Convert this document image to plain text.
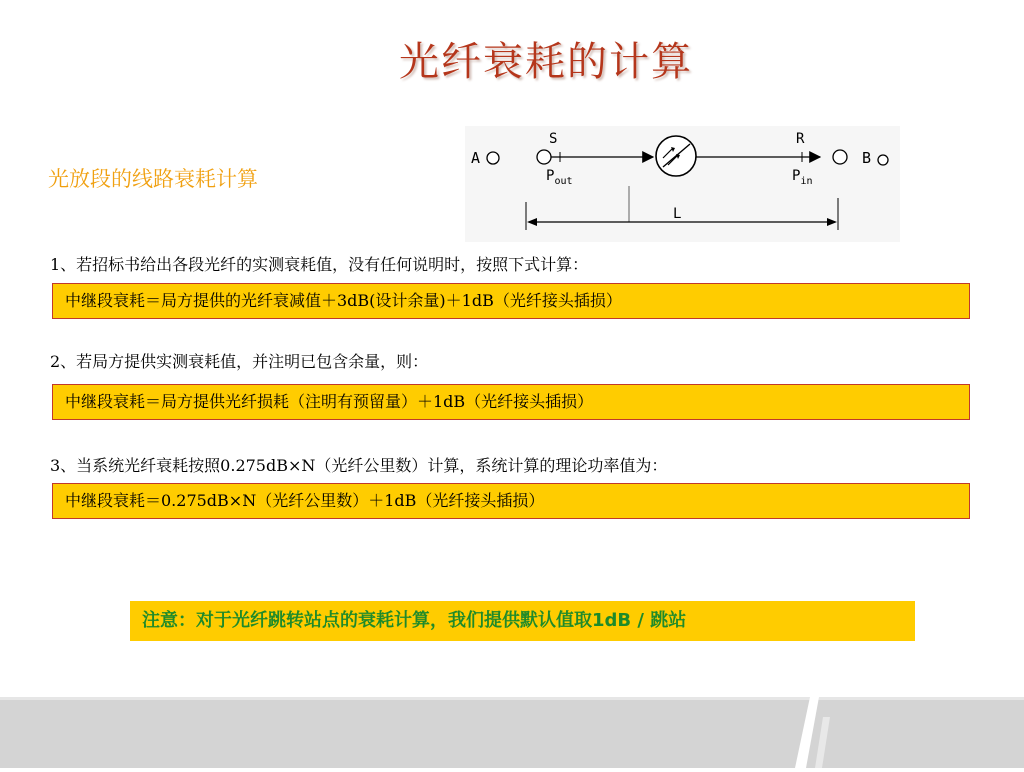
光纤衰耗的计算
光放段的线路衰耗计算
A
S
$P_{out}$
R
$P_{in}$
B
L
1、若招标书给出各段光纤的实测衰耗值，没有任何说明时，按照下式计算：
中继段衰耗＝局方提供的光纤衰减值＋3dB(设计余量)＋1dB（光纤接头插损）
2、若局方提供实测衰耗值，并注明已包含余量，则：
中继段衰耗＝局方提供光纤损耗（注明有预留量）＋1dB（光纤接头插损）
3、当系统光纤衰耗按照0.275dB×N（光纤公里数）计算，系统计算的理论功率值为：
中继段衰耗＝0.275dB×N（光纤公里数）＋1dB（光纤接头插损）
注意：对于光纤跳转站点的衰耗计算，我们提供默认值取1dB / 跳站
